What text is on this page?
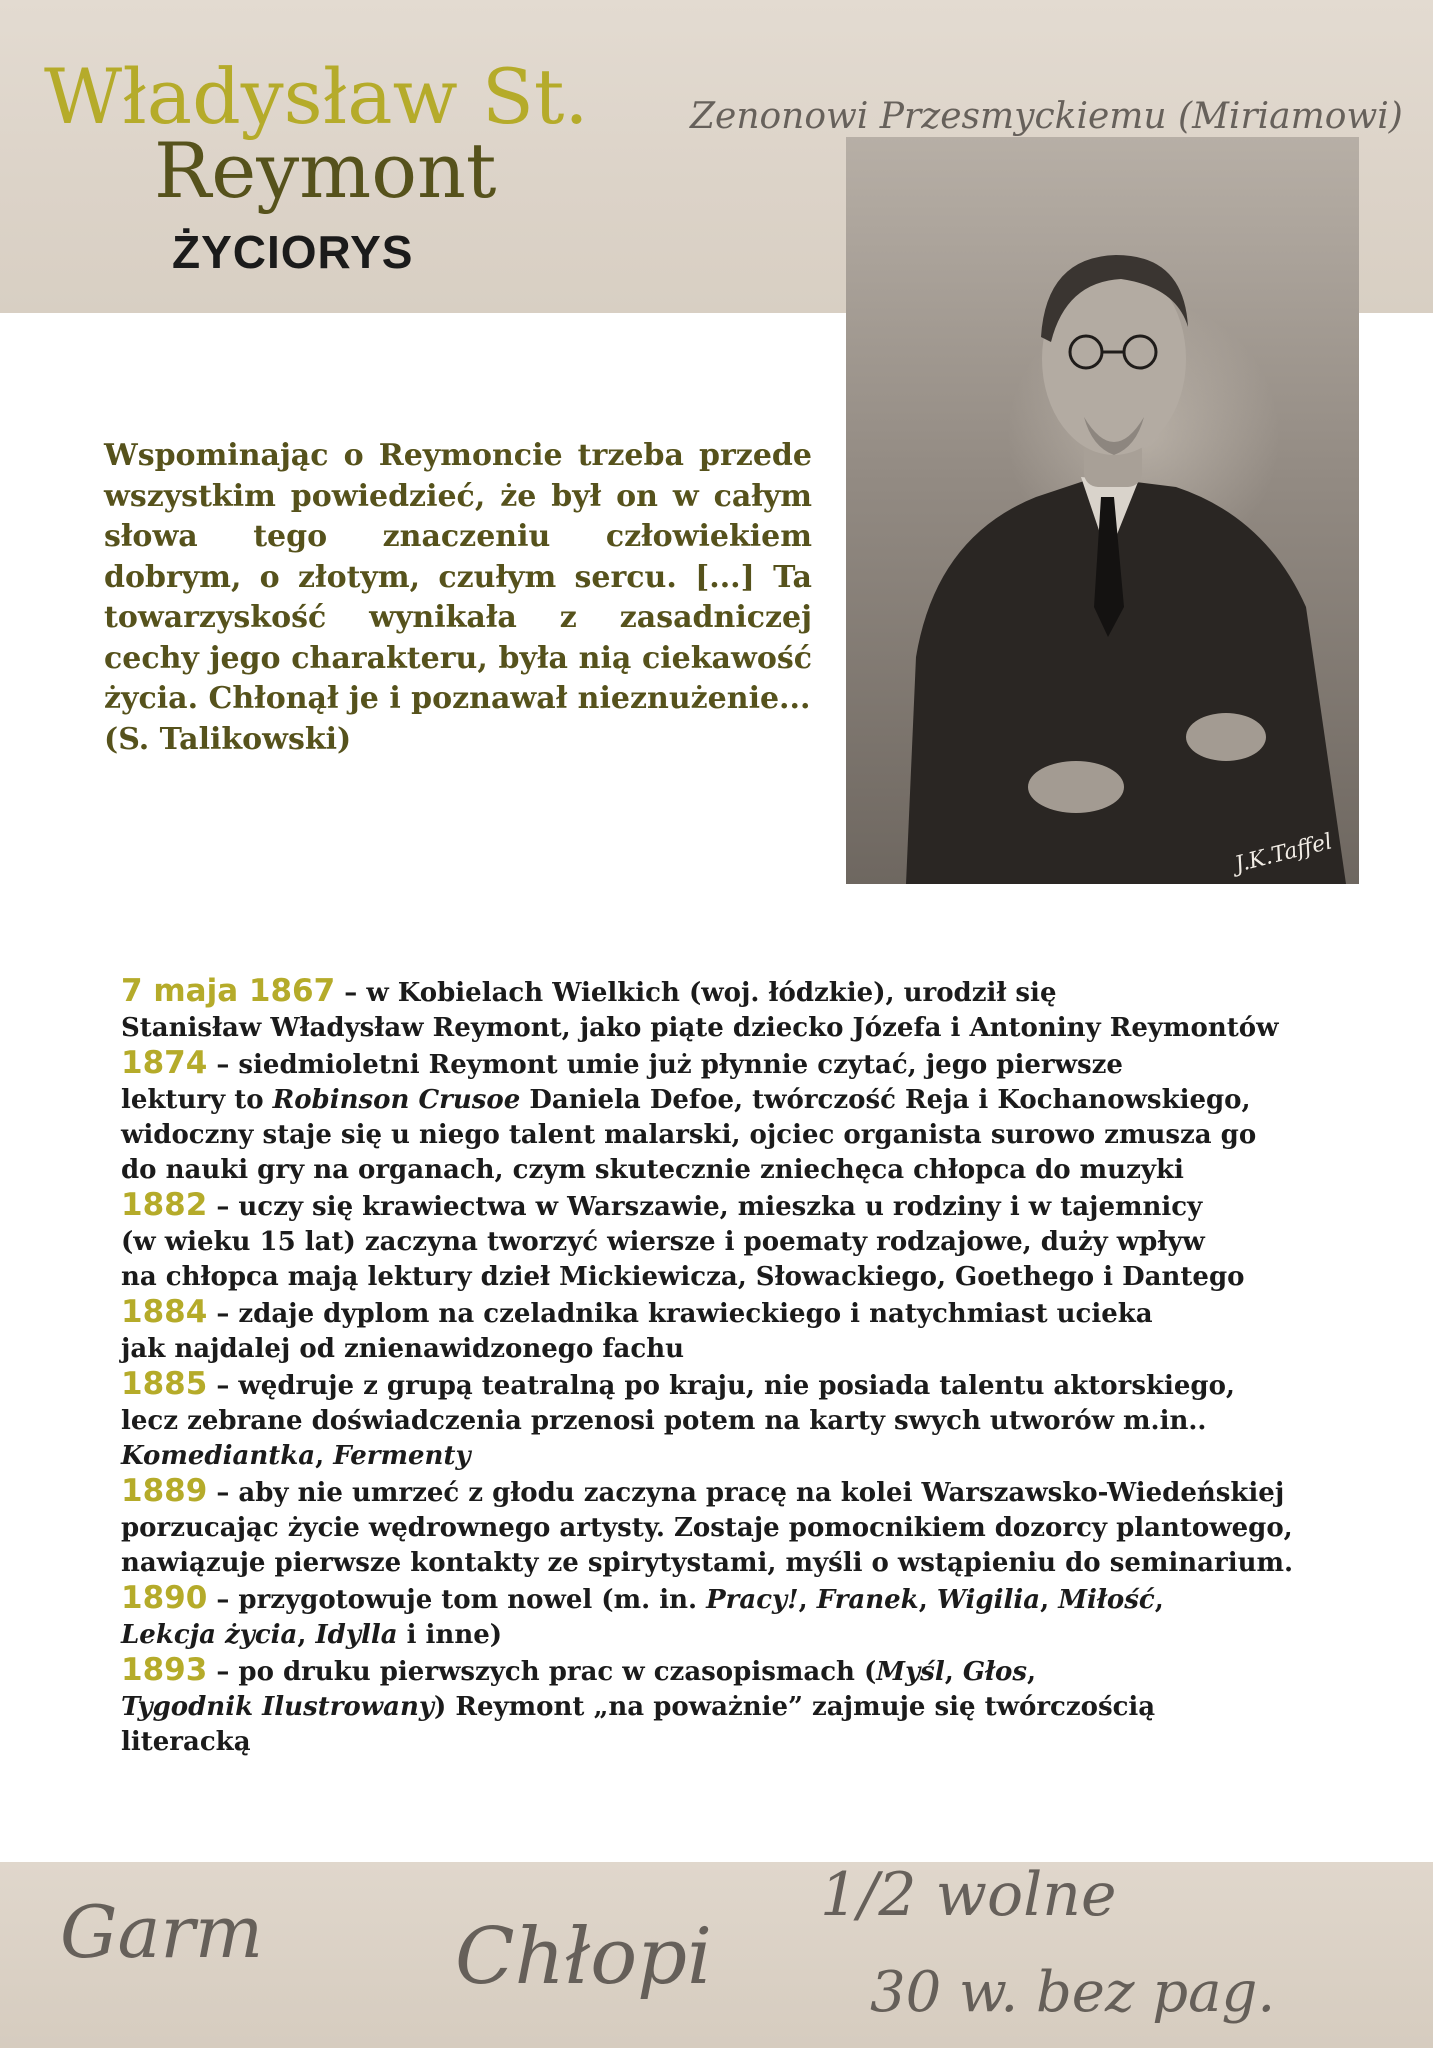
Zenonowi Przesmyckiemu (Miriamowi)
Władysław St.
Reymont
ŻYCIORYS

Wspominając o Reymoncie trzeba przede wszystkim powiedzieć, że był on w całym słowa tego znaczeniu człowiekiem dobrym, o złotym, czułym sercu. [...] Ta towarzyskość wynikała z zasadniczej cechy jego charakteru, była nią ciekawość życia. Chłonął je i poznawał nieznużenie...
(S. Talikowski)

J.K.Taffel

7 maja 1867 – w Kobielach Wielkich (woj. łódzkie), urodził się
Stanisław Władysław Reymont, jako piąte dziecko Józefa i Antoniny Reymontów

1874 – siedmioletni Reymont umie już płynnie czytać, jego pierwsze
lektury to Robinson Crusoe Daniela Defoe, twórczość Reja i Kochanowskiego,
widoczny staje się u niego talent malarski, ojciec organista surowo zmusza go
do nauki gry na organach, czym skutecznie zniechęca chłopca do muzyki

1882 – uczy się krawiectwa w Warszawie, mieszka u rodziny i w tajemnicy
(w wieku 15 lat) zaczyna tworzyć wiersze i poematy rodzajowe, duży wpływ
na chłopca mają lektury dzieł Mickiewicza, Słowackiego, Goethego i Dantego

1884 – zdaje dyplom na czeladnika krawieckiego i natychmiast ucieka
jak najdalej od znienawidzonego fachu

1885 – wędruje z grupą teatralną po kraju, nie posiada talentu aktorskiego,
lecz zebrane doświadczenia przenosi potem na karty swych utworów m.in..
Komediantka, Fermenty

1889 – aby nie umrzeć z głodu zaczyna pracę na kolei Warszawsko-Wiedeńskiej
porzucając życie wędrownego artysty. Zostaje pomocnikiem dozorcy plantowego,
nawiązuje pierwsze kontakty ze spirytystami, myśli o wstąpieniu do seminarium.

1890 – przygotowuje tom nowel (m. in. Pracy!, Franek, Wigilia, Miłość,
Lekcja życia, Idylla i inne)

1893 – po druku pierwszych prac w czasopismach (Myśl, Głos,
Tygodnik Ilustrowany) Reymont „na poważnie” zajmuje się twórczością
literacką

Garm Chłopi
1/2 wolne
30 w. bez pag.
